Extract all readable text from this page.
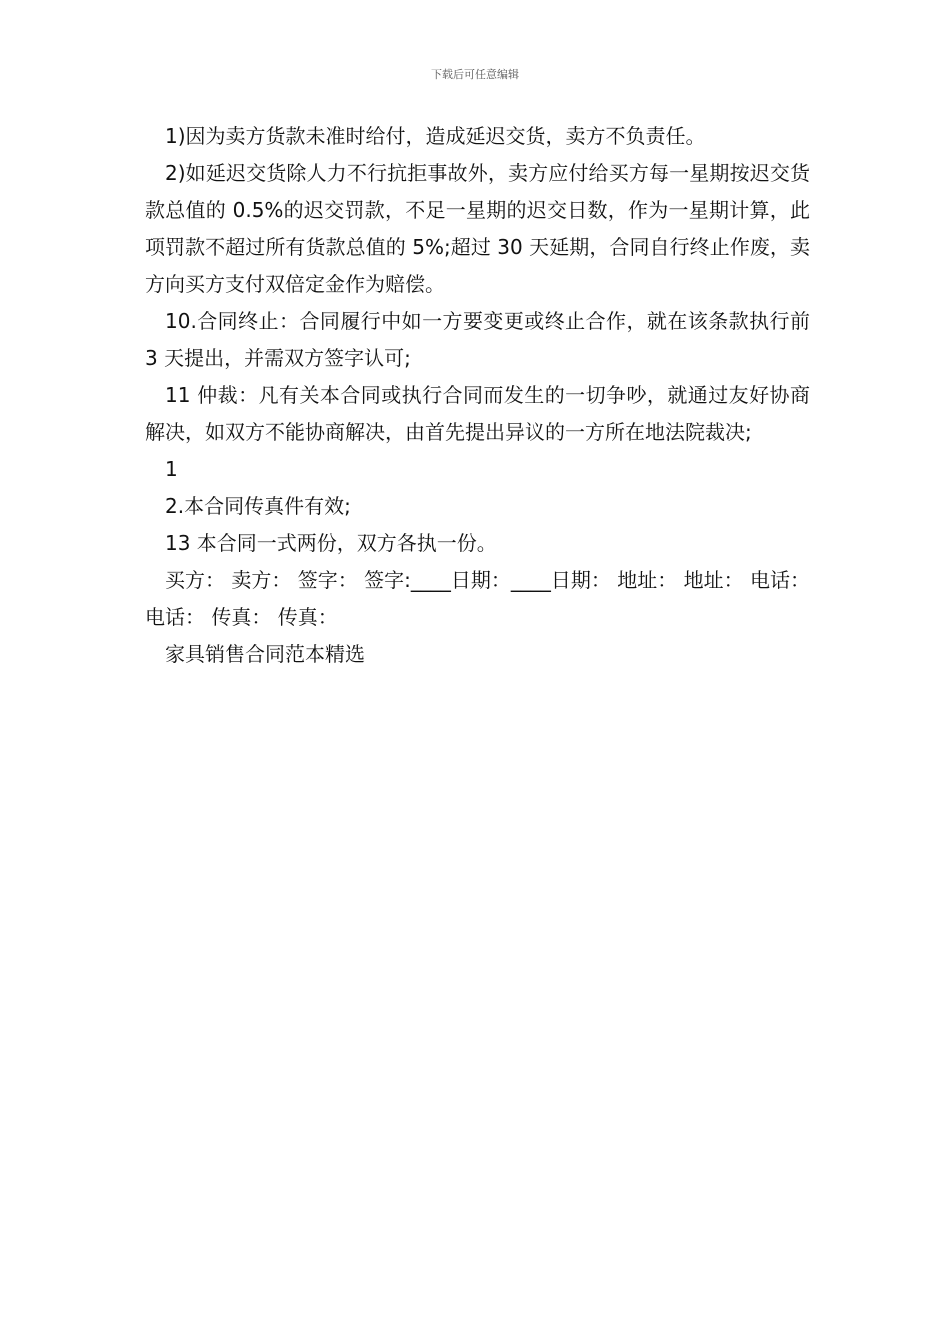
下载后可任意编辑

1)因为卖方货款未准时给付，造成延迟交货，卖方不负责任。

2)如延迟交货除人力不行抗拒事故外，卖方应付给买方每一星期按迟交货款总值的 0.5%的迟交罚款，不足一星期的迟交日数，作为一星期计算，此项罚款不超过所有货款总值的 5%;超过 30 天延期，合同自行终止作废，卖方向买方支付双倍定金作为赔偿。

10.合同终止：合同履行中如一方要变更或终止合作，就在该条款执行前 3 天提出，并需双方签字认可;

11 仲裁：凡有关本合同或执行合同而发生的一切争吵，就通过友好协商解决，如双方不能协商解决，由首先提出异议的一方所在地法院裁决;

1

2.本合同传真件有效;

13 本合同一式两份，双方各执一份。

买方： 卖方： 签字： 签字:____日期：____日期： 地址： 地址： 电话： 电话： 传真： 传真：

家具销售合同范本精选
